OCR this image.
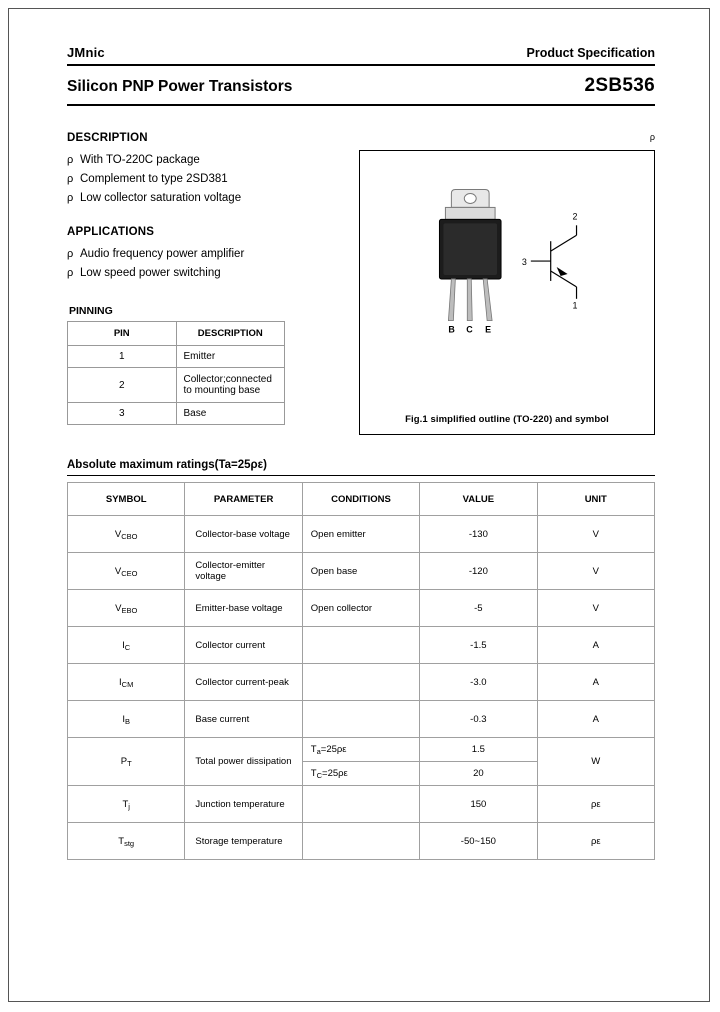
JMnic	Product Specification
Silicon PNP Power Transistors	2SB536
DESCRIPTION
ρ With TO-220C package
ρ Complement to type 2SD381
ρ Low collector saturation voltage
APPLICATIONS
ρ Audio frequency power amplifier
ρ Low speed power switching
PINNING
PIN	DESCRIPTION
1	Emitter
2	Collector;connected to mounting base
3	Base
ρ
B C E
2
1
3
Fig.1 simplified outline (TO-220) and symbol
Absolute maximum ratings(Ta=25ρε)
SYMBOL	PARAMETER	CONDITIONS	VALUE	UNIT
$V_{CBO}$	Collector-base voltage	Open emitter	-130	V
$V_{CEO}$	Collector-emitter voltage	Open base	-120	V
$V_{EBO}$	Emitter-base voltage	Open collector	-5	V
$I_C$	Collector current		-1.5	A
$I_{CM}$	Collector current-peak		-3.0	A
$I_B$	Base current		-0.3	A
$P_T$	Total power dissipation	$T_a=25\rho\varepsilon$	1.5	W
		$T_C=25\rho\varepsilon$	20	
$T_j$	Junction temperature		150	ρε
$T_{stg}$	Storage temperature		-50~150	ρε
